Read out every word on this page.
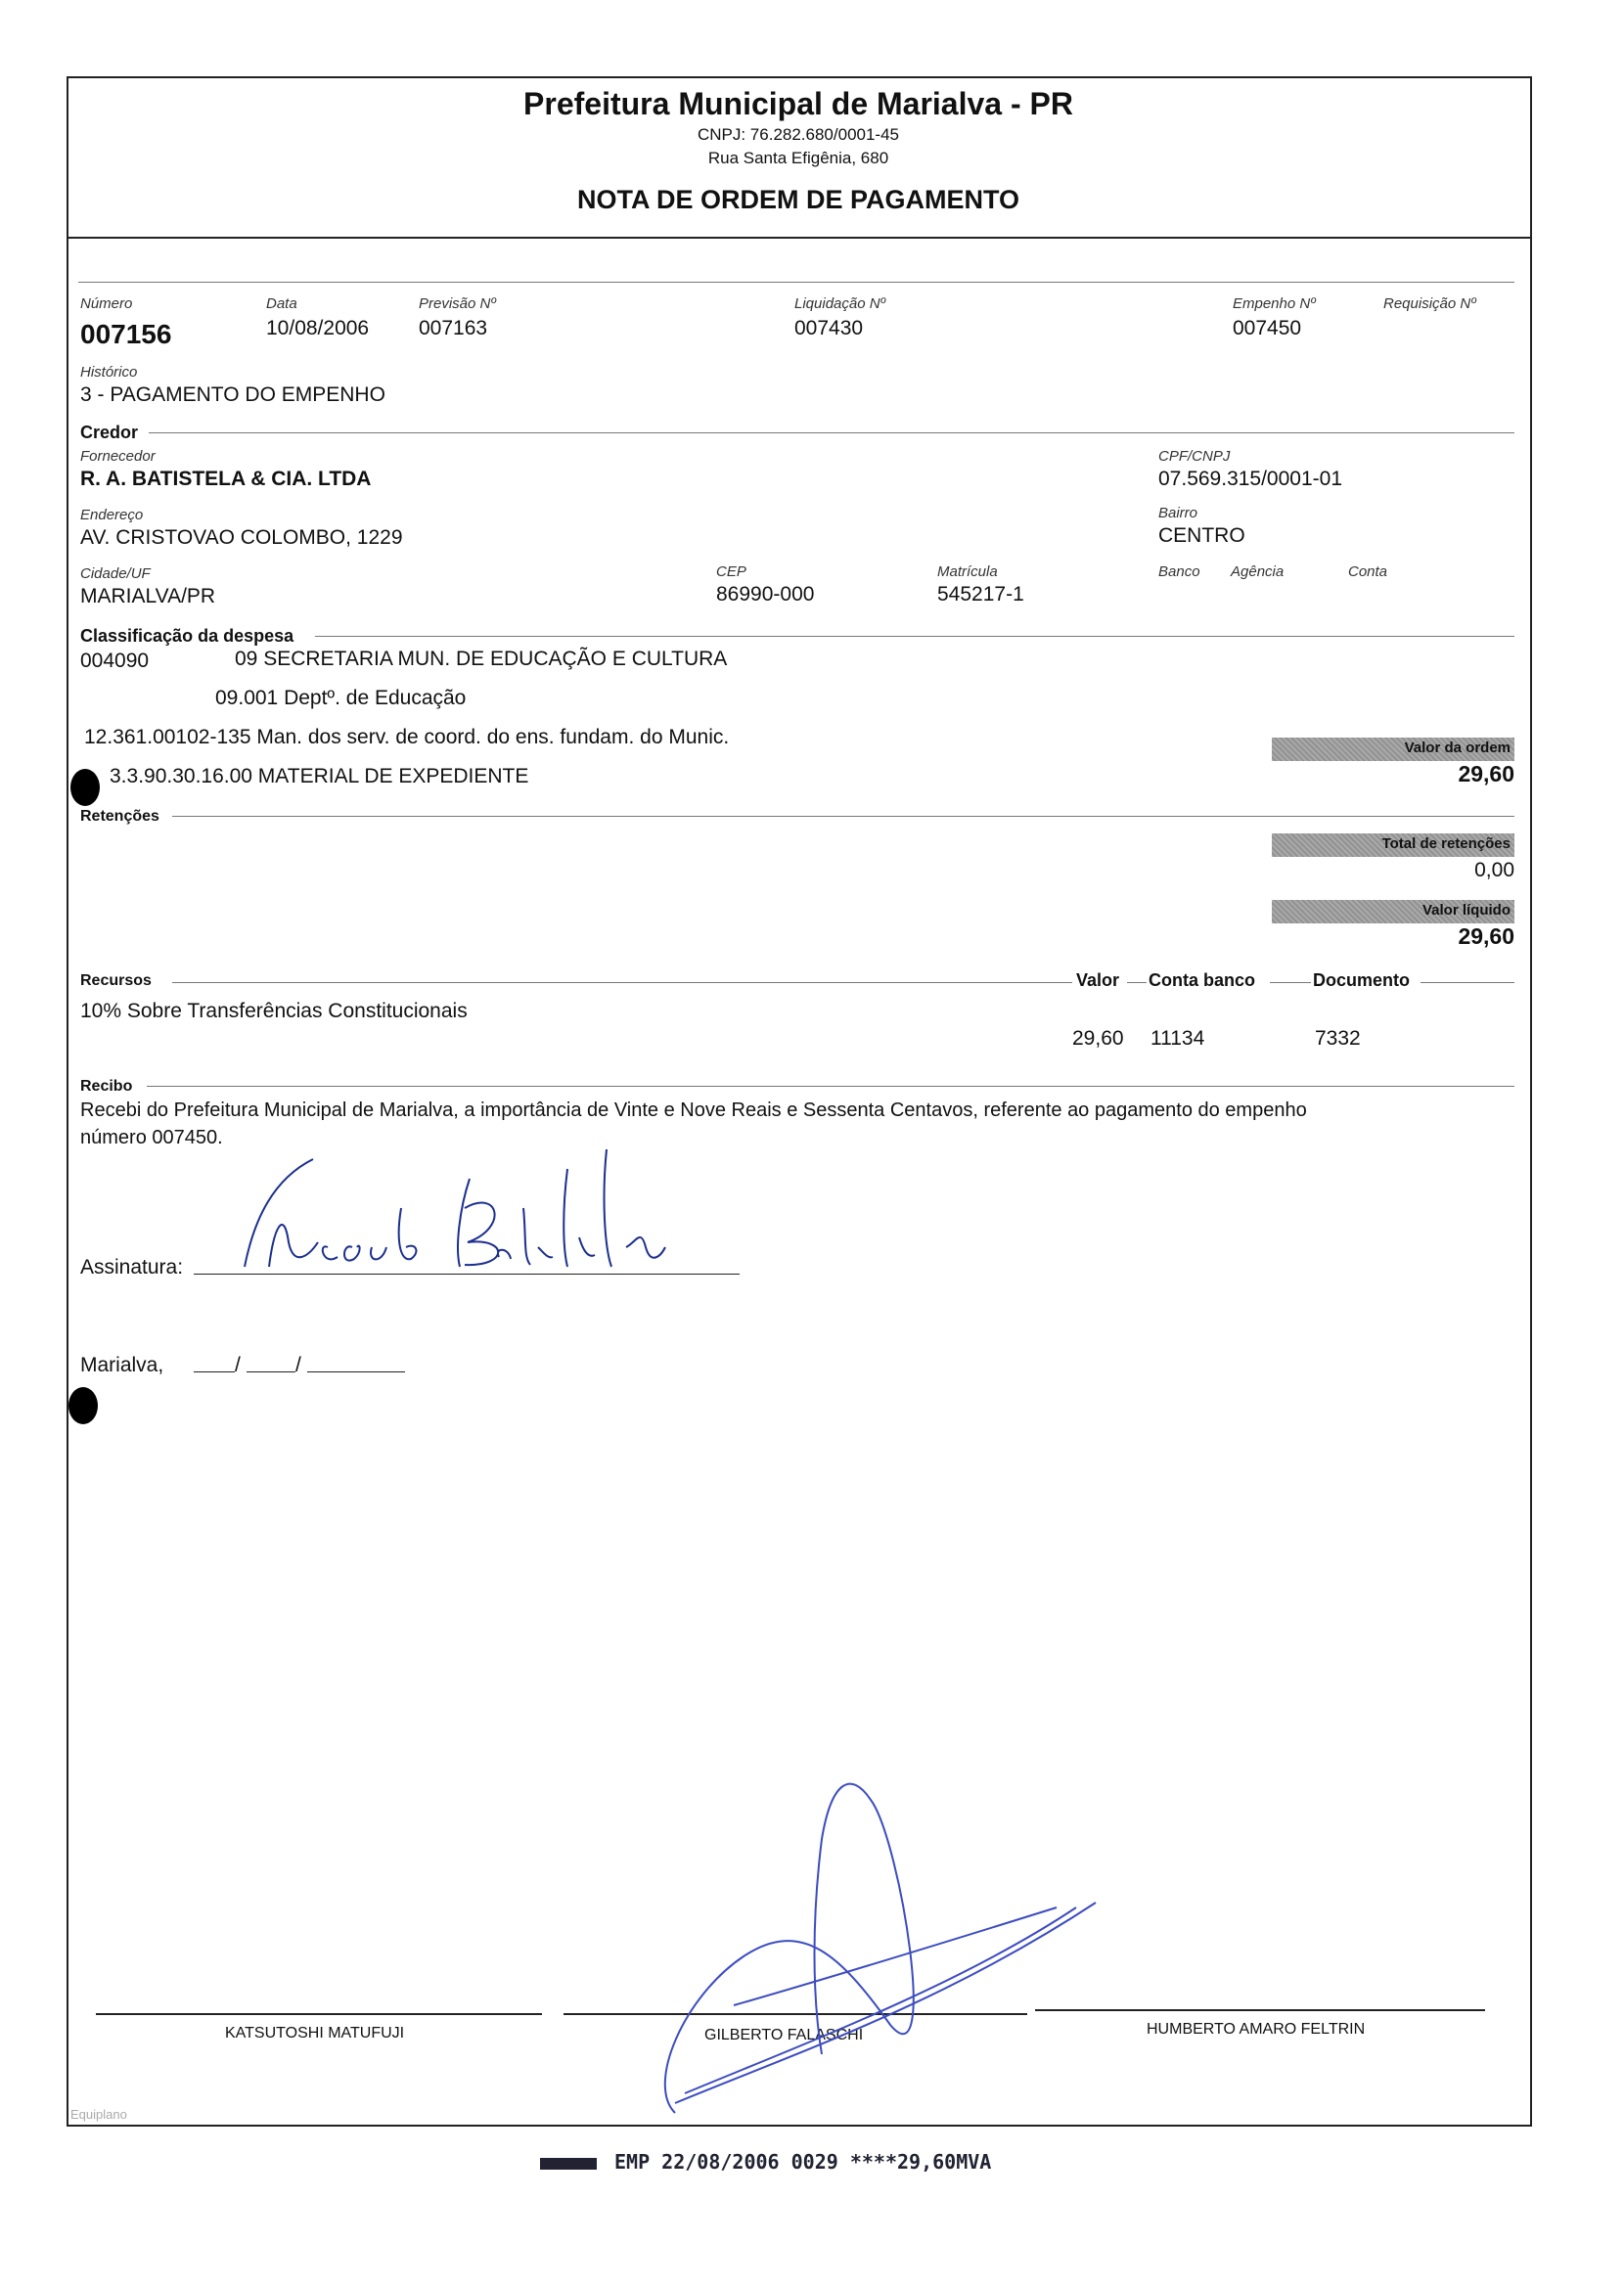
Prefeitura Municipal de Marialva - PR
CNPJ: 76.282.680/0001-45
Rua Santa Efigênia, 680
NOTA DE ORDEM DE PAGAMENTO
Número
007156
Data
10/08/2006
Previsão Nº
007163
Liquidação Nº
007430
Empenho Nº
007450
Requisição Nº
Histórico
3 - PAGAMENTO DO EMPENHO
Credor
Fornecedor
R. A. BATISTELA & CIA. LTDA
CPF/CNPJ
07.569.315/0001-01
Endereço
AV. CRISTOVAO COLOMBO, 1229
Bairro
CENTRO
Cidade/UF
MARIALVA/PR
CEP
86990-000
Matrícula
545217-1
Banco Agência	Conta
Classificação da despesa
004090	09 SECRETARIA MUN. DE EDUCAÇÃO E CULTURA
09.001 Deptº. de Educação
12.361.00102-135 Man. dos serv. de coord. do ens. fundam. do Munic.
3.3.90.30.16.00 MATERIAL DE EXPEDIENTE
Valor da ordem
29,60
Retenções
Total de retenções
0,00
Valor líquido
29,60
Recursos	Valor Conta banco	Documento
10% Sobre Transferências Constitucionais
29,60 11134	7332
Recibo
Recebi do Prefeitura Municipal de Marialva, a importância de Vinte e Nove Reais e Sessenta Centavos, referente ao pagamento do empenho
número 007450.
Assinatura:
Ricardo Batistela
Marialva,	/	/
KATSUTOSHI MATUFUJI	GILBERTO FALASCHI	HUMBERTO AMARO FELTRIN
Equiplano
EMP 22/08/2006 0029 ****29,60MVA
